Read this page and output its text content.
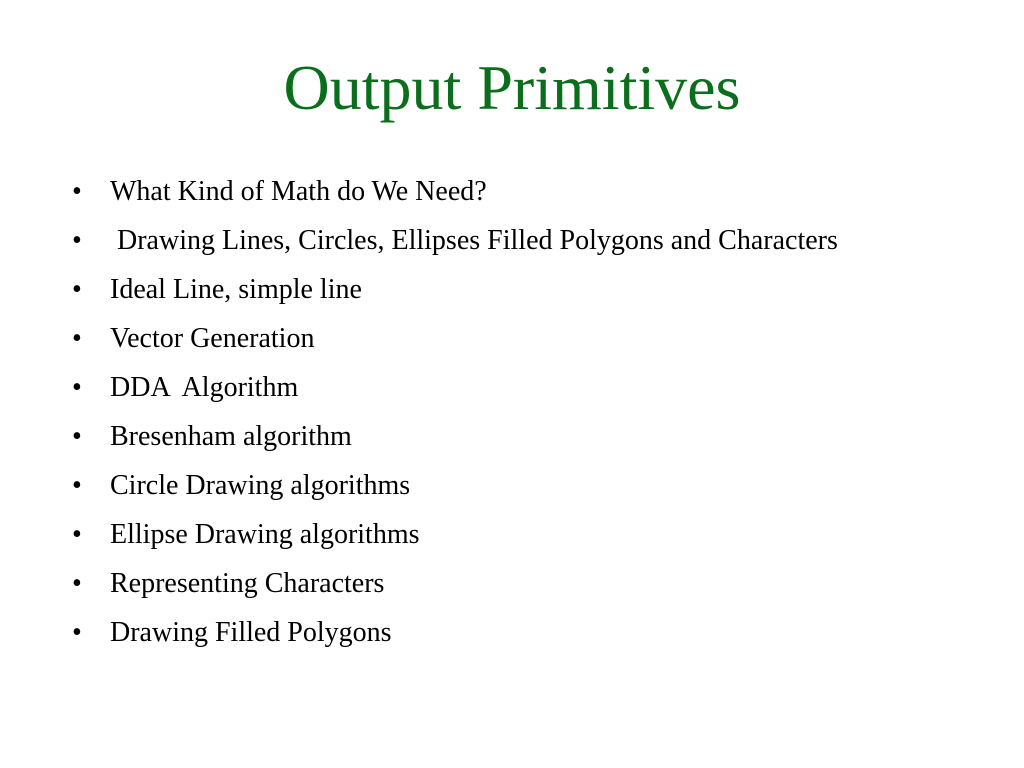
Output Primitives
•	What Kind of Math do We Need?
•	Drawing Lines, Circles, Ellipses Filled Polygons and Characters
•	Ideal Line, simple line
•	Vector Generation
•	DDA  Algorithm
•	Bresenham algorithm
•	Circle Drawing algorithms
•	Ellipse Drawing algorithms
•	Representing Characters
•	Drawing Filled Polygons
